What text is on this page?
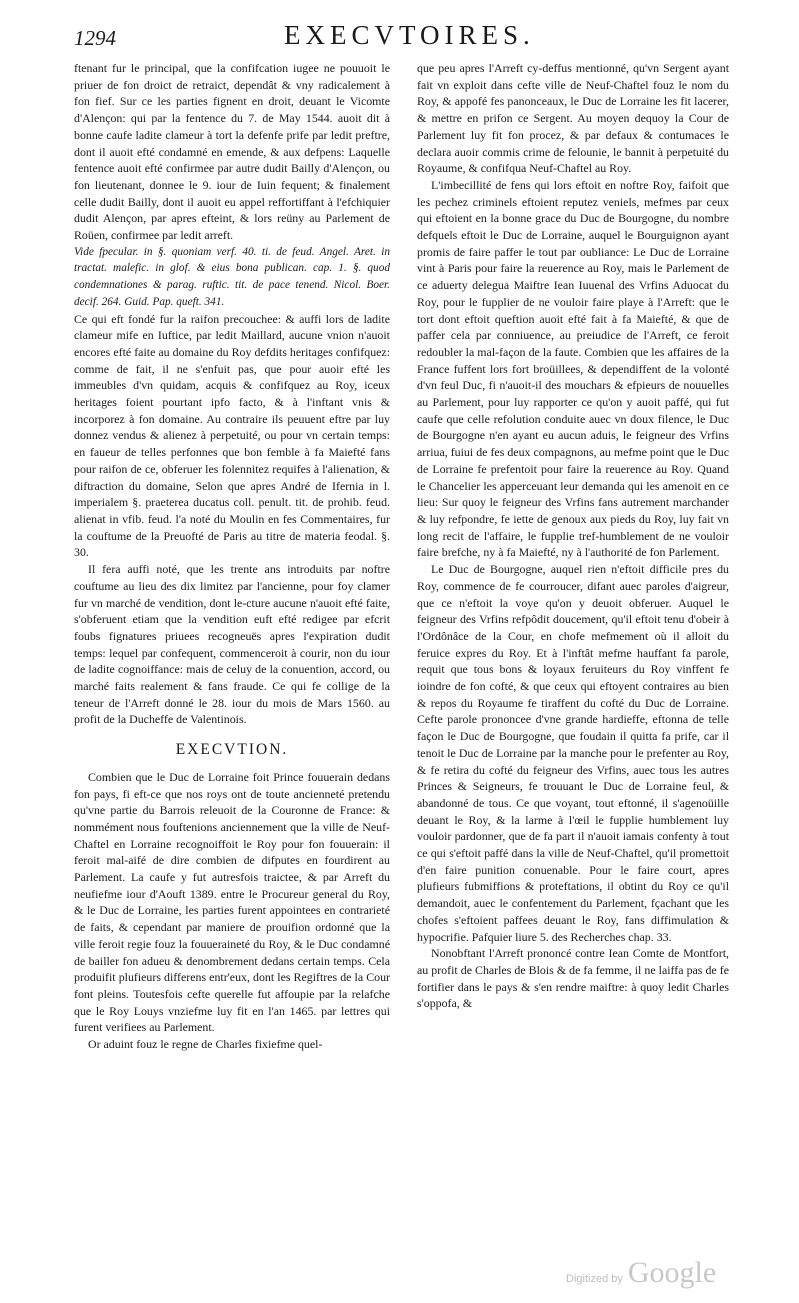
1294	EXECVTOIRES.

ftenant fur le principal, que la confifcation iugee ne pouuoit le priuer de fon droict de retraict, dependât & vny radicalement à fon fief. Sur ce les parties fignent en droit, deuant le Vicomte d'Alençon: qui par la fentence du 7. de May 1544. auoit dit à bonne caufe ladite clameur à tort la defenfe prife par ledit preftre, dont il auoit efté condamné en emende, & aux defpens: Laquelle fentence auoit efté confirmee par autre dudit Bailly d'Alençon, ou fon lieutenant, donnee le 9. iour de Iuin fequent; & finalement celle dudit Bailly, dont il auoit eu appel reffortiffant à l'efchiquier dudit Alençon, par apres efteint, & lors reüny au Parlement de Roüen, confirmee par ledit arreft.

Vide fpecular. in §. quoniam verf. 40. ti. de feud. Angel. Aret. in tractat. malefic. in glof. & eius bona publican. cap. 1. §. quod condemnationes & parag. ruftic. tit. de pace tenend. Nicol. Boer. decif. 264. Guid. Pap. queft. 341.

Ce qui eft fondé fur la raifon precouchee: & auffi lors de ladite clameur mife en Iuftice, par ledit Maillard, aucune vnion n'auoit encores efté faite au domaine du Roy defdits heritages confifquez: comme de fait, il ne s'enfuit pas, que pour auoir efté les immeubles d'vn quidam, acquis & confifquez au Roy, iceux heritages foient pourtant ipfo facto, & à l'inftant vnis & incorporez à fon domaine. Au contraire ils peuuent eftre par luy donnez vendus & alienez à perpetuité, ou pour vn certain temps: en faueur de telles perfonnes que bon femble à fa Maiefté fans pour raifon de ce, obferuer les folennitez requifes à l'alienation, & diftraction du domaine, Selon que apres André de Ifernia in l. imperialem §. praeterea ducatus coll. penult. tit. de prohib. feud. alienat in vfib. feud. l'a noté du Moulin en fes Commentaires, fur la couftume de la Preuofté de Paris au titre de materia feodal. §. 30.

Il fera auffi noté, que les trente ans introduits par noftre couftume au lieu des dix limitez par l'ancienne, pour foy clamer fur vn marché de vendition, dont le-cture aucune n'auoit efté faite, s'obferuent etiam que la vendition euft efté redigee par efcrit foubs fignatures priuees recogneuës apres l'expiration dudit temps: lequel par confequent, commenceroit à courir, non du iour de ladite cognoiffance: mais de celuy de la conuention, accord, ou marché faits realement & fans fraude. Ce qui fe collige de la teneur de l'Arreft donné le 28. iour du mois de Mars 1560. au profit de la Ducheffe de Valentinois.

EXECVTION.

Combien que le Duc de Lorraine foit Prince fouuerain dedans fon pays, fi eft-ce que nos roys ont de toute ancienneté pretendu qu'vne partie du Barrois releuoit de la Couronne de France: & nommément nous fouftenions anciennement que la ville de Neuf-Chaftel en Lorraine recognoiffoit le Roy pour fon fouuerain: il feroit mal-aifé de dire combien de difputes en fourdirent au Parlement. La caufe y fut autresfois traictee, & par Arreft du neufiefme iour d'Aouft 1389. entre le Procureur general du Roy, & le Duc de Lorraine, les parties furent appointees en contrarieté de faits, & cependant par maniere de prouifion ordonné que la ville feroit regie fouz la fouueraineté du Roy, & le Duc condamné de bailler fon adueu & denombrement dedans certain temps. Cela produifit plufieurs differens entr'eux, dont les Regiftres de la Cour font pleins. Toutesfois cefte querelle fut affoupie par la relafche que le Roy Louys vnziefme luy fit en l'an 1465. par lettres qui furent verifiees au Parlement.

Or aduint fouz le regne de Charles fixiefme quel-

que peu apres l'Arreft cy-deffus mentionné, qu'vn Sergent ayant fait vn exploit dans cefte ville de Neuf-Chaftel fouz le nom du Roy, & appofé fes panonceaux, le Duc de Lorraine les fit lacerer, & mettre en prifon ce Sergent. Au moyen dequoy la Cour de Parlement luy fit fon procez, & par defaux & contumaces le declara auoir commis crime de felounie, le bannit à perpetuité du Royaume, & confifqua Neuf-Chaftel au Roy.

L'imbecillité de fens qui lors eftoit en noftre Roy, faifoit que les pechez criminels eftoient reputez veniels, mefmes par ceux qui eftoient en la bonne grace du Duc de Bourgogne, du nombre defquels eftoit le Duc de Lorraine, auquel le Bourguignon ayant promis de faire paffer le tout par oubliance: Le Duc de Lorraine vint à Paris pour faire la reuerence au Roy, mais le Parlement de ce aduerty delegua Maiftre Iean Iuuenal des Vrfins Aduocat du Roy, pour le fupplier de ne vouloir faire playe à l'Arreft: que le tort dont eftoit queftion auoit efté fait à fa Maiefté, & que de paffer cela par conniuence, au preiudice de l'Arreft, ce feroit redoubler la mal-façon de la faute. Combien que les affaires de la France fuffent lors fort broüillees, & dependiffent de la volonté d'vn feul Duc, fi n'auoit-il des mouchars & efpieurs de nouuelles au Parlement, pour luy rapporter ce qu'on y auoit paffé, qui fut caufe que celle refolution conduite auec vn doux filence, le Duc de Bourgogne n'en ayant eu aucun aduis, le feigneur des Vrfins arriua, fuiui de fes deux compagnons, au mefme point que le Duc de Lorraine fe prefentoit pour faire la reuerence au Roy. Quand le Chancelier les apperceuant leur demanda qui les amenoit en ce lieu: Sur quoy le feigneur des Vrfins fans autrement marchander & luy refpondre, fe iette de genoux aux pieds du Roy, luy fait vn long recit de l'affaire, le fupplie tref-humblement de ne vouloir faire brefche, ny à fa Maiefté, ny à l'authorité de fon Parlement.

Le Duc de Bourgogne, auquel rien n'eftoit difficile pres du Roy, commence de fe courroucer, difant auec paroles d'aigreur, que ce n'eftoit la voye qu'on y deuoit obferuer. Auquel le feigneur des Vrfins refpôdit doucement, qu'il eftoit tenu d'obeir à l'Ordônâce de la Cour, en chofe mefmement où il alloit du feruice expres du Roy. Et à l'inftât mefme hauffant fa parole, requit que tous bons & loyaux feruiteurs du Roy vinffent fe ioindre de fon cofté, & que ceux qui eftoyent contraires au bien & repos du Royaume fe tiraffent du cofté du Duc de Lorraine. Cefte parole prononcee d'vne grande hardieffe, eftonna de telle façon le Duc de Bourgogne, que foudain il quitta fa prife, car il tenoit le Duc de Lorraine par la manche pour le prefenter au Roy, & fe retira du cofté du feigneur des Vrfins, auec tous les autres Princes & Seigneurs, fe trouuant le Duc de Lorraine feul, & abandonné de tous. Ce que voyant, tout eftonné, il s'agenoüille deuant le Roy, & la larme à l'œil le fupplie humblement luy vouloir pardonner, que de fa part il n'auoit iamais confenty à tout ce qui s'eftoit paffé dans la ville de Neuf-Chaftel, qu'il promettoit d'en faire punition conuenable. Pour le faire court, apres plufieurs fubmiffions & proteftations, il obtint du Roy ce qu'il demandoit, auec le confentement du Parlement, fçachant que les chofes s'eftoient paffees deuant le Roy, fans diffimulation & hypocrifie. Pafquier liure 5. des Recherches chap. 33.

Nonobftant l'Arreft prononcé contre Iean Comte de Montfort, au profit de Charles de Blois & de fa femme, il ne laiffa pas de fe fortifier dans le pays & s'en rendre maiftre: à quoy ledit Charles s'oppofa, &

Digitized by Google
